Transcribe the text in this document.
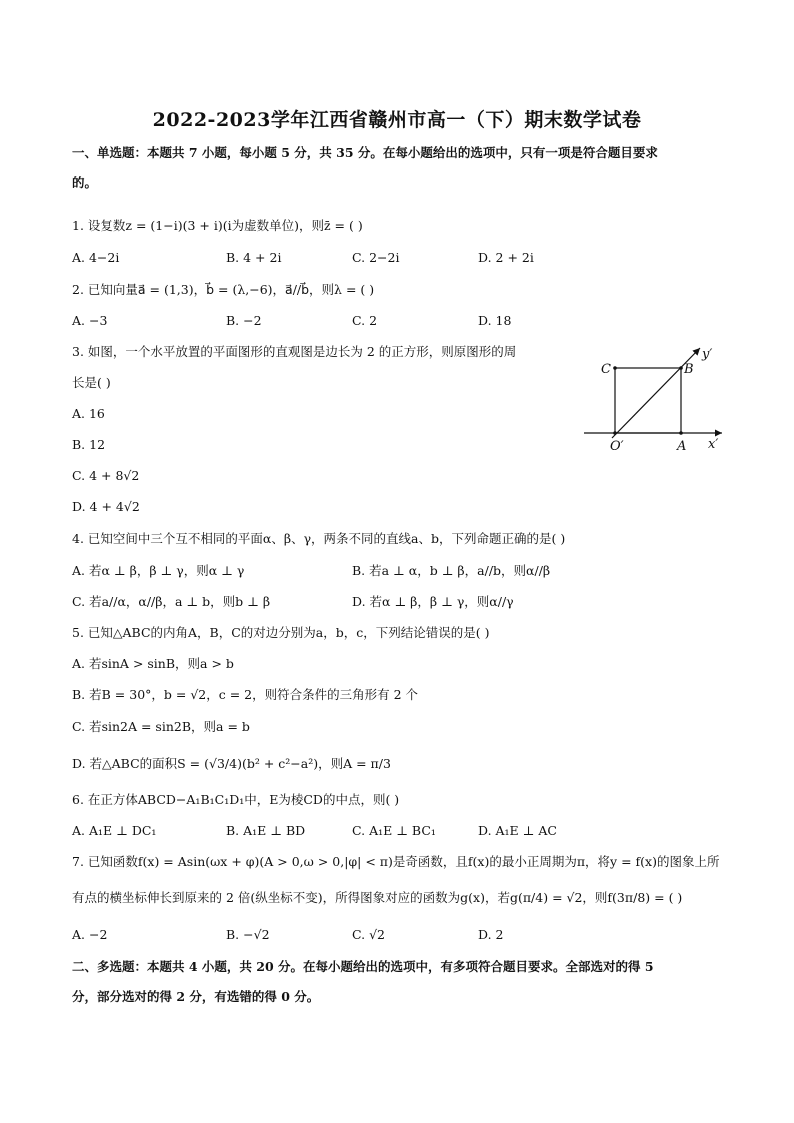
2022-2023学年江西省赣州市高一（下）期末数学试卷
一、单选题：本题共 7 小题，每小题 5 分，共 35 分。在每小题给出的选项中，只有一项是符合题目要求
的。
1. 设复数z = (1−i)(3 + i)(i为虚数单位)，则z̄ = ( )
A. 4−2i	B. 4 + 2i	C. 2−2i	D. 2 + 2i
2. 已知向量a⃗ = (1,3)，b⃗ = (λ,−6)，a⃗//b⃗，则λ = ( )
A. −3	B. −2	C. 2	D. 18
3. 如图，一个水平放置的平面图形的直观图是边长为 2 的正方形，则原图形的周
长是( )
A. 16
B. 12
C. 4 + 8√2
D. 4 + 4√2
C	B
y′
O′	A x′
4. 已知空间中三个互不相同的平面α、β、γ，两条不同的直线a、b，下列命题正确的是( )
A. 若α ⊥ β，β ⊥ γ，则α ⊥ γ	B. 若a ⊥ α，b ⊥ β，a//b，则α//β
C. 若a//α，α//β，a ⊥ b，则b ⊥ β	D. 若α ⊥ β，β ⊥ γ，则α//γ
5. 已知△ABC的内角A，B，C的对边分别为a，b，c，下列结论错误的是( )
A. 若sinA > sinB，则a > b
B. 若B = 30°，b = √2，c = 2，则符合条件的三角形有 2 个
C. 若sin2A = sin2B，则a = b
D. 若△ABC的面积S = (√3/4)(b² + c²−a²)，则A = π/3
6. 在正方体ABCD−A₁B₁C₁D₁中，E为棱CD的中点，则( )
A. A₁E ⊥ DC₁	B. A₁E ⊥ BD	C. A₁E ⊥ BC₁	D. A₁E ⊥ AC
7. 已知函数f(x) = Asin(ωx + φ)(A > 0,ω > 0,|φ| < π)是奇函数，且f(x)的最小正周期为π，将y = f(x)的图象上所
有点的横坐标伸长到原来的 2 倍(纵坐标不变)，所得图象对应的函数为g(x)，若g(π/4) = √2，则f(3π/8) = ( )
A. −2	B. −√2	C. √2	D. 2
二、多选题：本题共 4 小题，共 20 分。在每小题给出的选项中，有多项符合题目要求。全部选对的得 5
分，部分选对的得 2 分，有选错的得 0 分。
